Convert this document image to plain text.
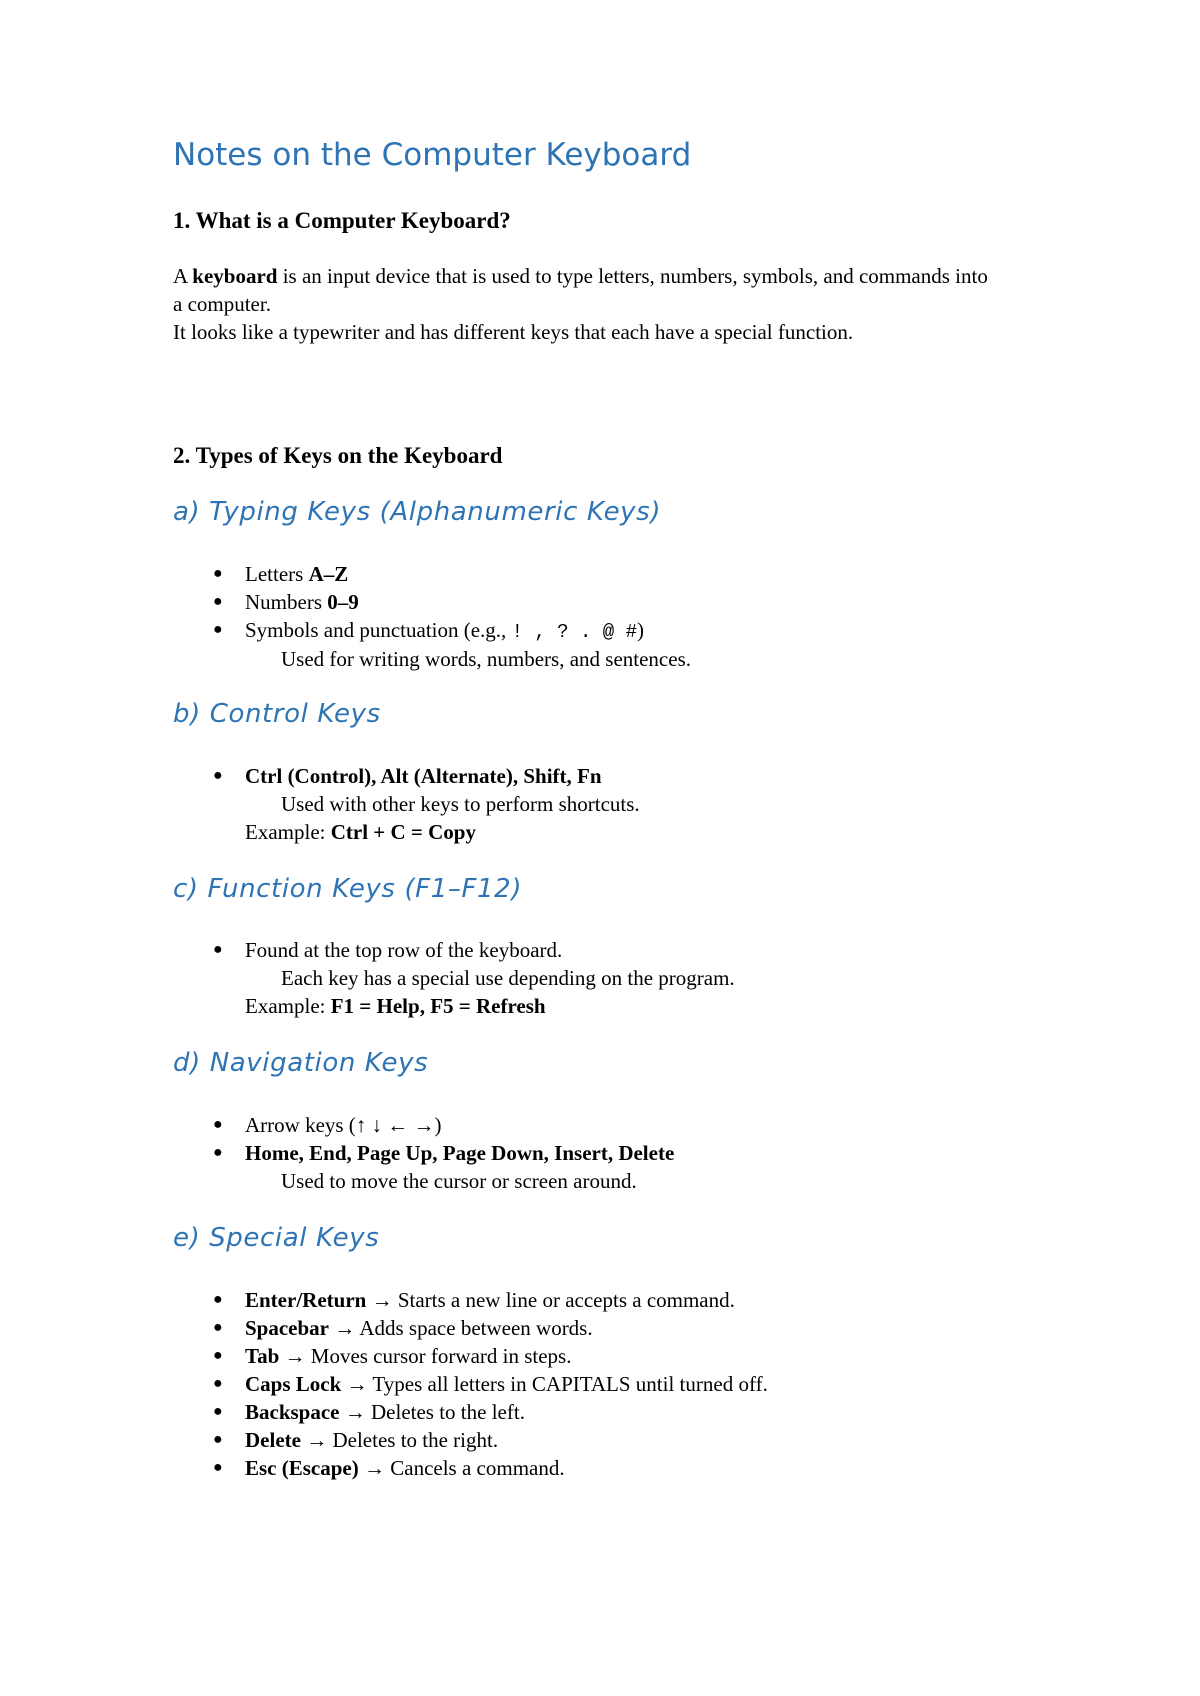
Notes on the Computer Keyboard
1. What is a Computer Keyboard?
A keyboard is an input device that is used to type letters, numbers, symbols, and commands into
a computer.
It looks like a typewriter and has different keys that each have a special function.
2. Types of Keys on the Keyboard
a) Typing Keys (Alphanumeric Keys)
● Letters A–Z
● Numbers 0–9
● Symbols and punctuation (e.g., ! , ? . @ #)
Used for writing words, numbers, and sentences.
b) Control Keys
● Ctrl (Control), Alt (Alternate), Shift, Fn
Used with other keys to perform shortcuts.
Example: Ctrl + C = Copy
c) Function Keys (F1–F12)
● Found at the top row of the keyboard.
Each key has a special use depending on the program.
Example: F1 = Help, F5 = Refresh
d) Navigation Keys
● Arrow keys (↑ ↓ ← →)
● Home, End, Page Up, Page Down, Insert, Delete
Used to move the cursor or screen around.
e) Special Keys
● Enter/Return → Starts a new line or accepts a command.
● Spacebar → Adds space between words.
● Tab → Moves cursor forward in steps.
● Caps Lock → Types all letters in CAPITALS until turned off.
● Backspace → Deletes to the left.
● Delete → Deletes to the right.
● Esc (Escape) → Cancels a command.
